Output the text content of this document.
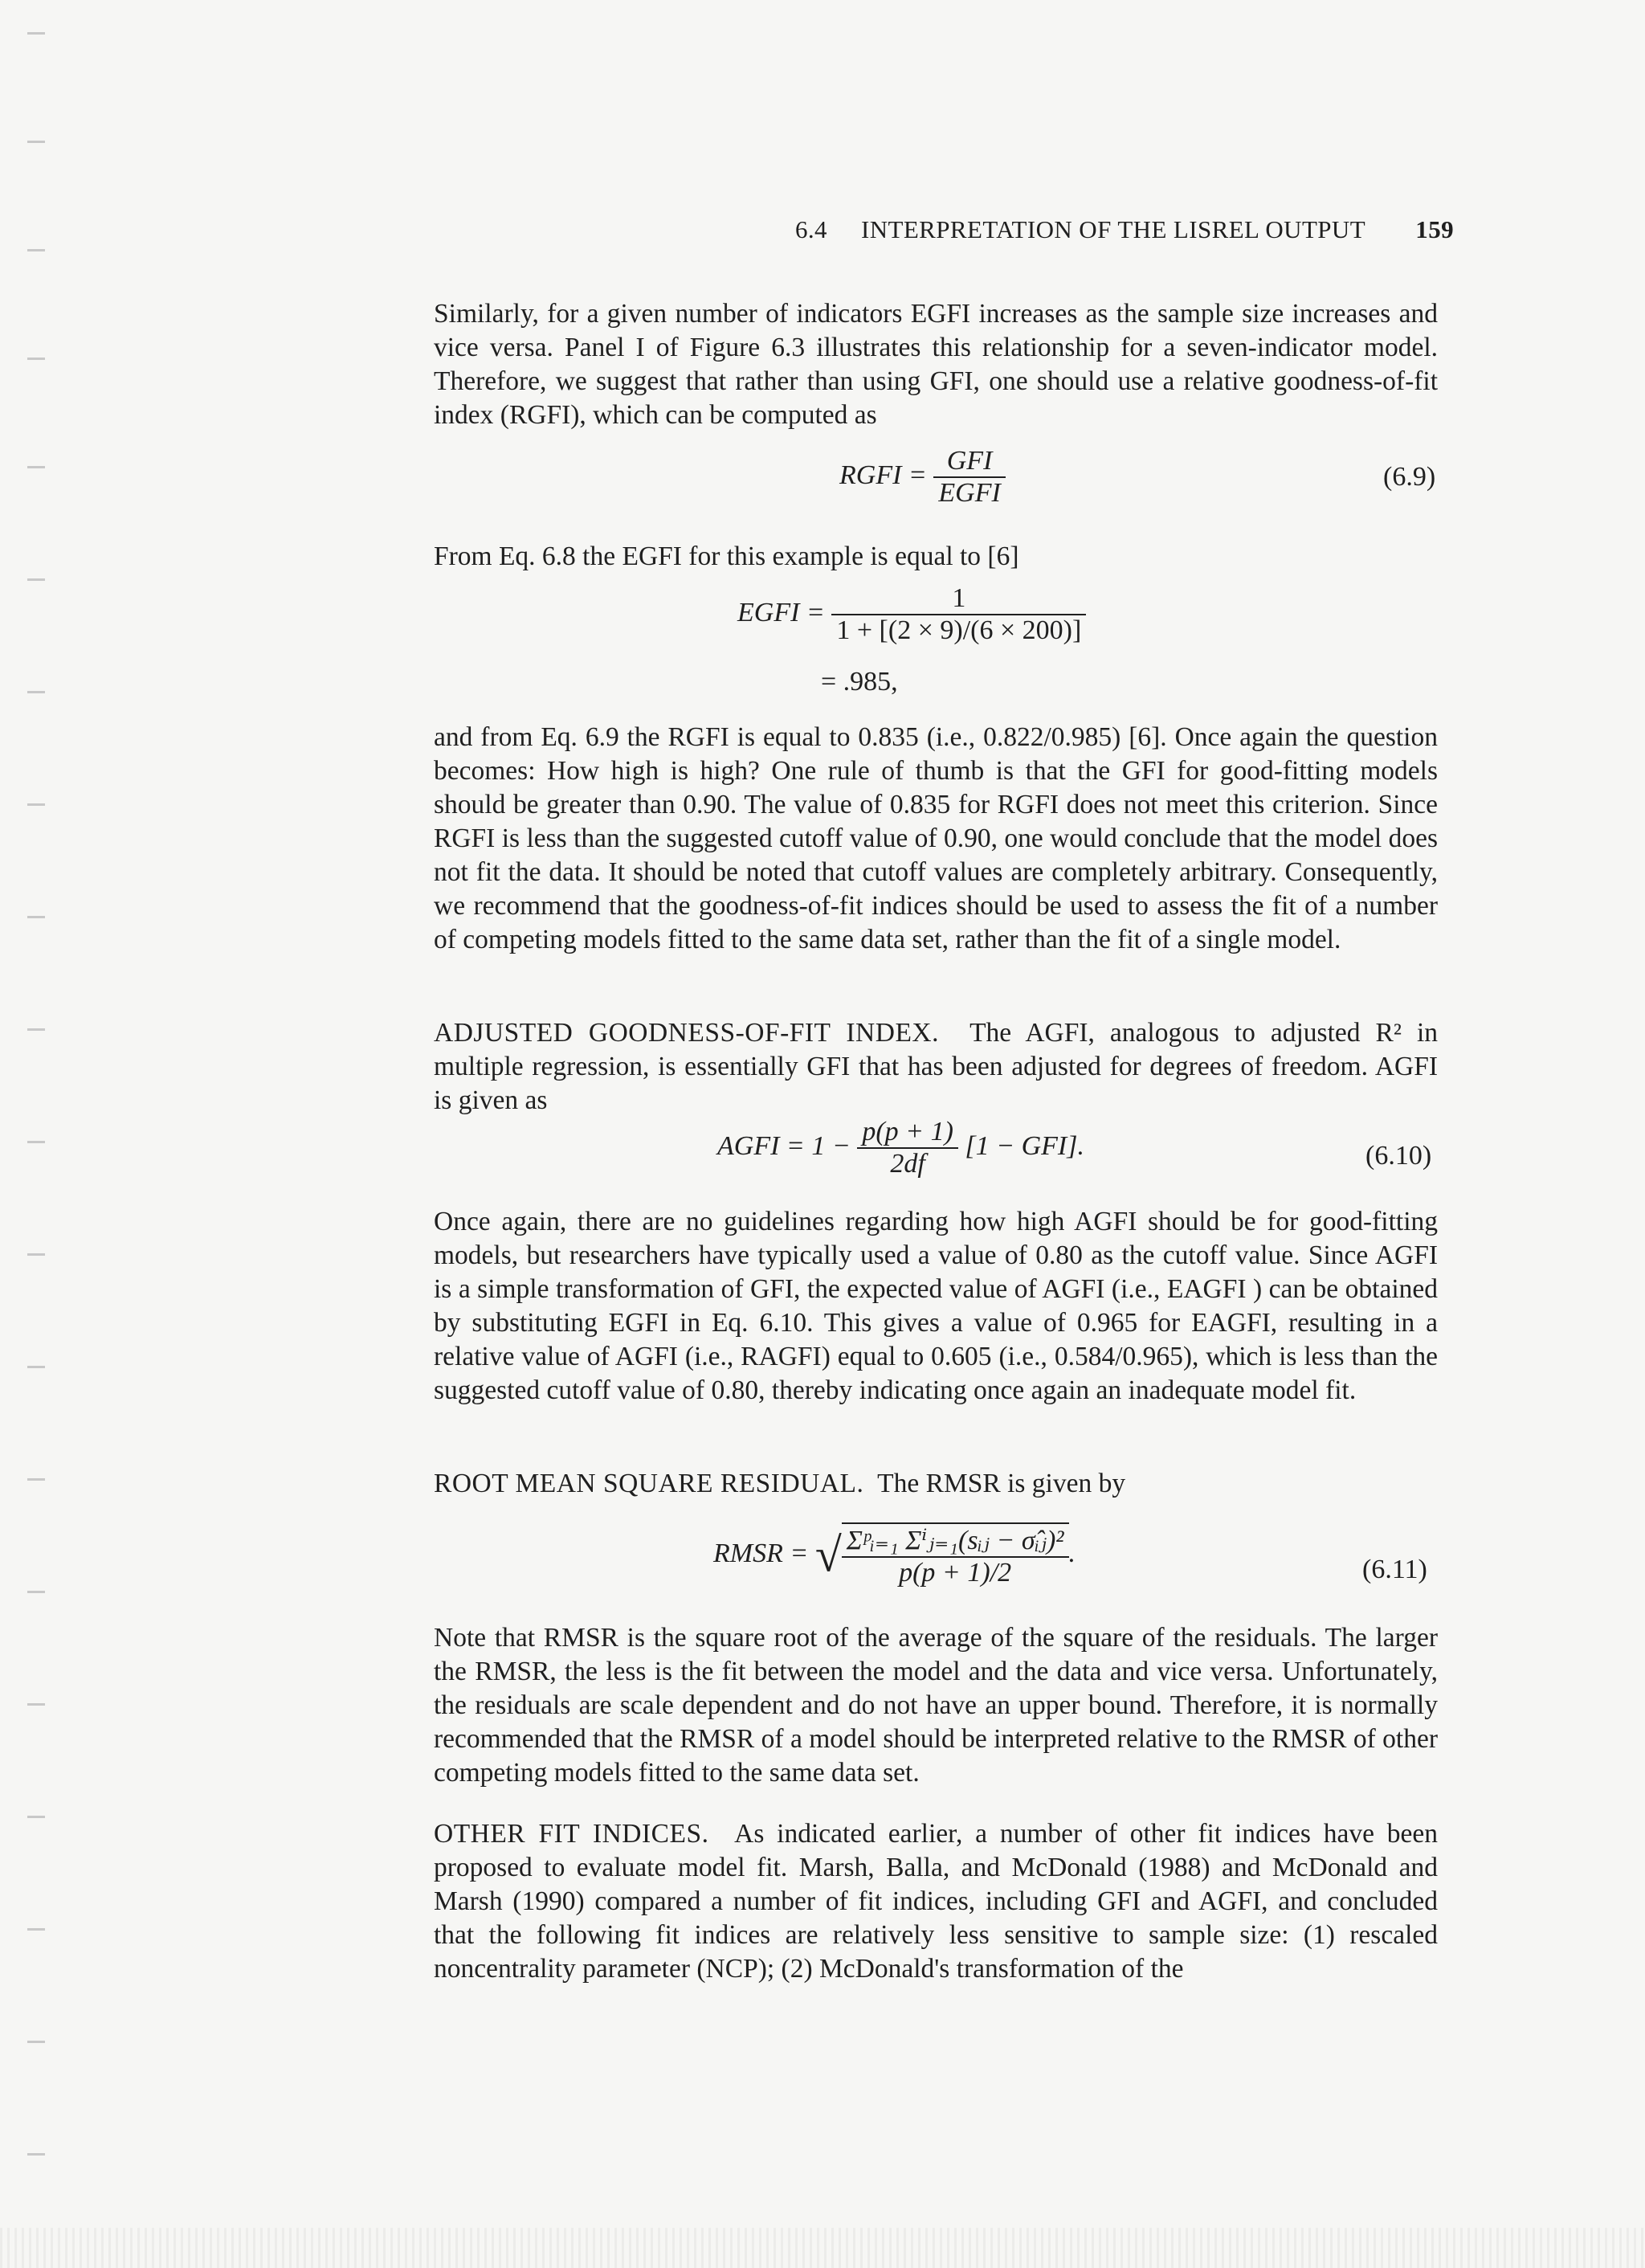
6.4 INTERPRETATION OF THE LISREL OUTPUT 159

Similarly, for a given number of indicators EGFI increases as the sample size increases and vice versa. Panel I of Figure 6.3 illustrates this relationship for a seven-indicator model. Therefore, we suggest that rather than using GFI, one should use a relative goodness-of-fit index (RGFI), which can be computed as

RGFI = $\frac{\text{GFI}}{\text{EGFI}}$	(6.9)

From Eq. 6.8 the EGFI for this example is equal to [6]

EGFI = $\frac{1}{1 + [(2 \times 9)/(6 \times 200)]}$
= .985,

and from Eq. 6.9 the RGFI is equal to 0.835 (i.e., 0.822/0.985) [6]. Once again the question becomes: How high is high? One rule of thumb is that the GFI for good-fitting models should be greater than 0.90. The value of 0.835 for RGFI does not meet this criterion. Since RGFI is less than the suggested cutoff value of 0.90, one would conclude that the model does not fit the data. It should be noted that cutoff values are completely arbitrary. Consequently, we recommend that the goodness-of-fit indices should be used to assess the fit of a number of competing models fitted to the same data set, rather than the fit of a single model.

ADJUSTED GOODNESS-OF-FIT INDEX. The AGFI, analogous to adjusted R² in multiple regression, is essentially GFI that has been adjusted for degrees of freedom. AGFI is given as

AGFI = $1 - \frac{p(p + 1)}{2df} [1 - GFI]$.	(6.10)

Once again, there are no guidelines regarding how high AGFI should be for good-fitting models, but researchers have typically used a value of 0.80 as the cutoff value. Since AGFI is a simple transformation of GFI, the expected value of AGFI (i.e., EAGFI ) can be obtained by substituting EGFI in Eq. 6.10. This gives a value of 0.965 for EAGFI, resulting in a relative value of AGFI (i.e., RAGFI) equal to 0.605 (i.e., 0.584/0.965), which is less than the suggested cutoff value of 0.80, thereby indicating once again an inadequate model fit.

ROOT MEAN SQUARE RESIDUAL. The RMSR is given by

RMSR = √ $\frac{\text{Σᵖᵢ₌₁ Σⁱⱼ₌₁(sᵢⱼ − σ̂ᵢⱼ)²}}{p(p + 1)/2}$ .
(6.11)

Note that RMSR is the square root of the average of the square of the residuals. The larger the RMSR, the less is the fit between the model and the data and vice versa. Unfortunately, the residuals are scale dependent and do not have an upper bound. Therefore, it is normally recommended that the RMSR of a model should be interpreted relative to the RMSR of other competing models fitted to the same data set.

OTHER FIT INDICES. As indicated earlier, a number of other fit indices have been proposed to evaluate model fit. Marsh, Balla, and McDonald (1988) and McDonald and Marsh (1990) compared a number of fit indices, including GFI and AGFI, and concluded that the following fit indices are relatively less sensitive to sample size: (1) rescaled noncentrality parameter (NCP); (2) McDonald's transformation of the
